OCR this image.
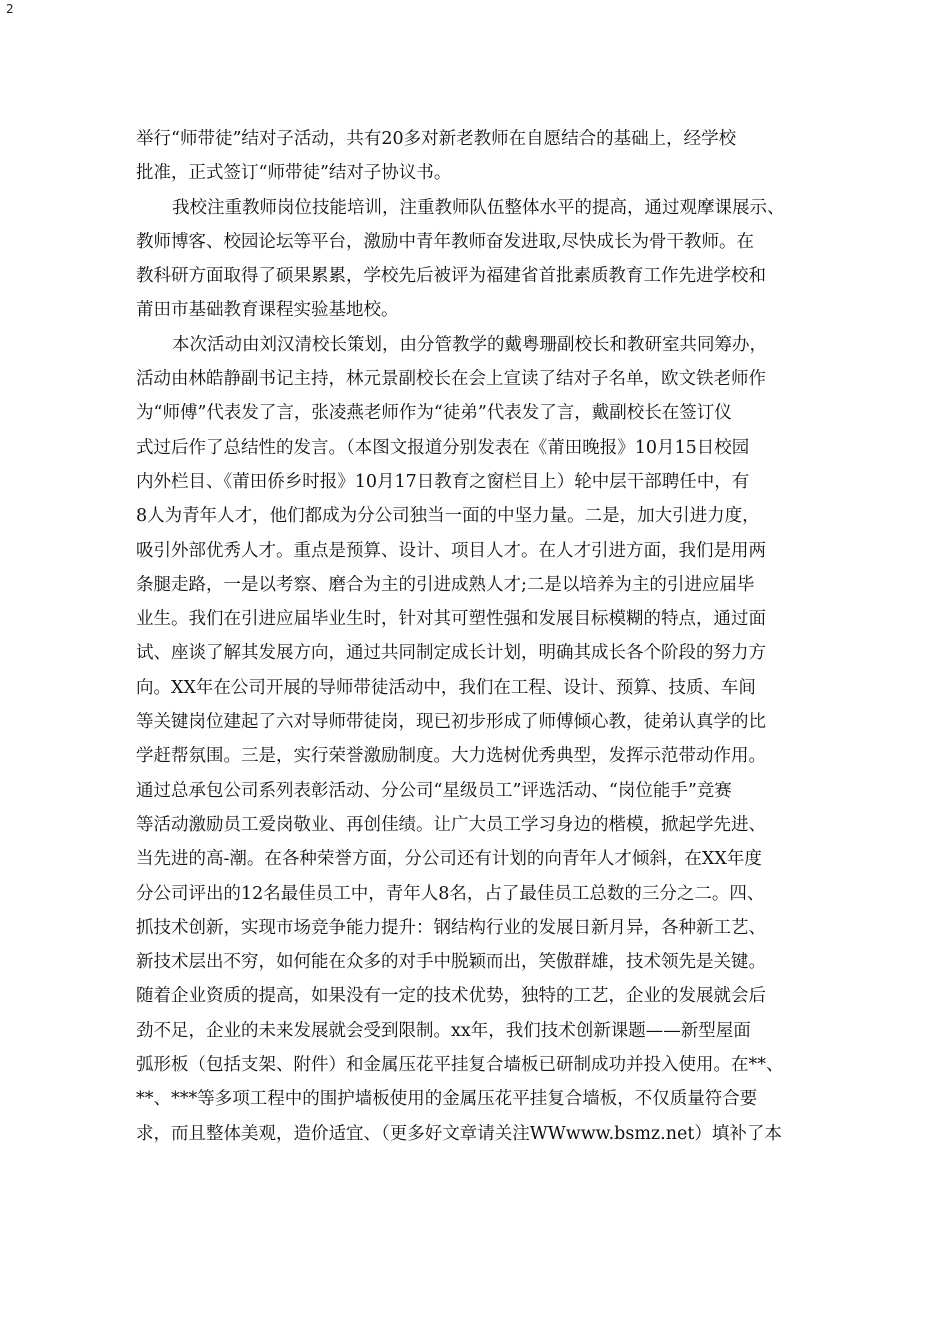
2
举行“师带徒”结对子活动，共有20多对新老教师在自愿结合的基础上，经学校
批准，正式签订“师带徒”结对子协议书。
我校注重教师岗位技能培训，注重教师队伍整体水平的提高，通过观摩课展示、
教师博客、校园论坛等平台，激励中青年教师奋发进取,尽快成长为骨干教师。在
教科研方面取得了硕果累累，学校先后被评为福建省首批素质教育工作先进学校和
莆田市基础教育课程实验基地校。
本次活动由刘汉清校长策划，由分管教学的戴粤珊副校长和教研室共同筹办，
活动由林皓静副书记主持，林元景副校长在会上宣读了结对子名单，欧文铁老师作
为“师傅”代表发了言，张凌燕老师作为“徒弟”代表发了言，戴副校长在签订仪
式过后作了总结性的发言。（本图文报道分别发表在《莆田晚报》10月15日校园
内外栏目、《莆田侨乡时报》10月17日教育之窗栏目上）轮中层干部聘任中，有
8人为青年人才，他们都成为分公司独当一面的中坚力量。二是，加大引进力度，
吸引外部优秀人才。重点是预算、设计、项目人才。在人才引进方面，我们是用两
条腿走路，一是以考察、磨合为主的引进成熟人才;二是以培养为主的引进应届毕
业生。我们在引进应届毕业生时，针对其可塑性强和发展目标模糊的特点，通过面
试、座谈了解其发展方向，通过共同制定成长计划，明确其成长各个阶段的努力方
向。XX年在公司开展的导师带徒活动中，我们在工程、设计、预算、技质、车间
等关键岗位建起了六对导师带徒岗，现已初步形成了师傅倾心教，徒弟认真学的比
学赶帮氛围。三是，实行荣誉激励制度。大力选树优秀典型，发挥示范带动作用。
通过总承包公司系列表彰活动、分公司“星级员工”评选活动、“岗位能手”竞赛
等活动激励员工爱岗敬业、再创佳绩。让广大员工学习身边的楷模，掀起学先进、
当先进的高-潮。在各种荣誉方面，分公司还有计划的向青年人才倾斜，在XX年度
分公司评出的12名最佳员工中，青年人8名，占了最佳员工总数的三分之二。四、
抓技术创新，实现市场竞争能力提升：钢结构行业的发展日新月异，各种新工艺、
新技术层出不穷，如何能在众多的对手中脱颖而出，笑傲群雄，技术领先是关键。
随着企业资质的提高，如果没有一定的技术优势，独特的工艺，企业的发展就会后
劲不足，企业的未来发展就会受到限制。xx年，我们技术创新课题——新型屋面
弧形板（包括支架、附件）和金属压花平挂复合墙板已研制成功并投入使用。在**、
**、***等多项工程中的围护墙板使用的金属压花平挂复合墙板，不仅质量符合要
求，而且整体美观，造价适宜、（更多好文章请关注WWwww.bsmz.net）填补了本
